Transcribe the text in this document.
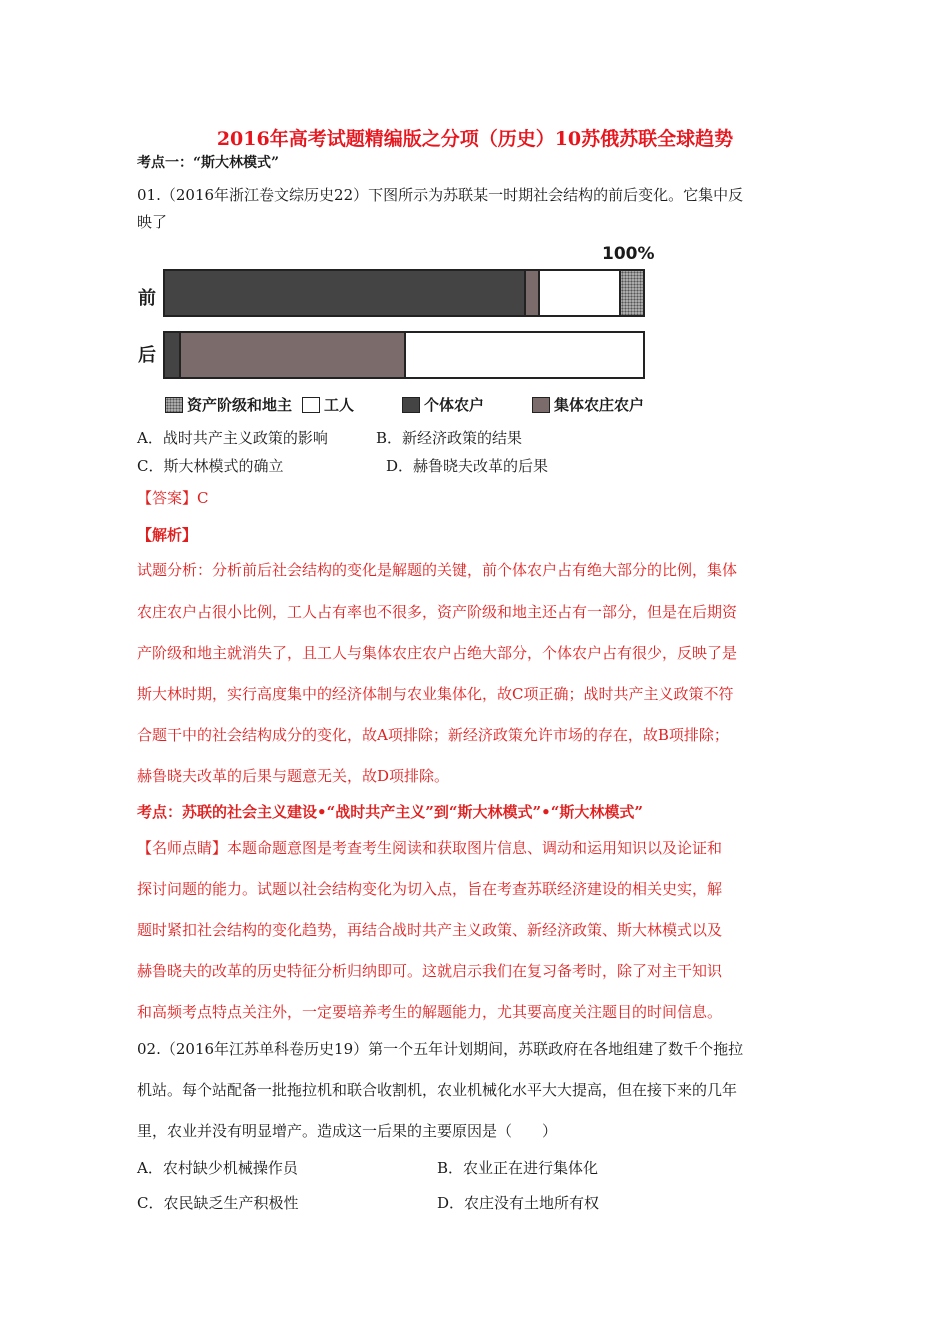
2016年高考试题精编版之分项（历史）10苏俄苏联全球趋势
考点一：“斯大林模式”
01.（2016年浙江卷文综历史22）下图所示为苏联某一时期社会结构的前后变化。它集中反
映了
100%
前
后
资产阶级和地主 工人	个体农户	集体农庄农户
A．战时共产主义政策的影响	B．新经济政策的结果
C．斯大林模式的确立	D．赫鲁晓夫改革的后果
【答案】C
【解析】
试题分析：分析前后社会结构的变化是解题的关键，前个体农户占有绝大部分的比例，集体
农庄农户占很小比例，工人占有率也不很多，资产阶级和地主还占有一部分，但是在后期资
产阶级和地主就消失了，且工人与集体农庄农户占绝大部分，个体农户占有很少，反映了是
斯大林时期，实行高度集中的经济体制与农业集体化，故C项正确；战时共产主义政策不符
合题干中的社会结构成分的变化，故A项排除；新经济政策允许市场的存在，故B项排除；
赫鲁晓夫改革的后果与题意无关，故D项排除。
考点：苏联的社会主义建设•“战时共产主义”到“斯大林模式”•“斯大林模式”
【名师点睛】本题命题意图是考查考生阅读和获取图片信息、调动和运用知识以及论证和
探讨问题的能力。试题以社会结构变化为切入点，旨在考查苏联经济建设的相关史实，解
题时紧扣社会结构的变化趋势，再结合战时共产主义政策、新经济政策、斯大林模式以及
赫鲁晓夫的改革的历史特征分析归纳即可。这就启示我们在复习备考时，除了对主干知识
和高频考点特点关注外，一定要培养考生的解题能力，尤其要高度关注题目的时间信息。
02.（2016年江苏单科卷历史19）第一个五年计划期间，苏联政府在各地组建了数千个拖拉
机站。每个站配备一批拖拉机和联合收割机，农业机械化水平大大提高，但在接下来的几年
里，农业并没有明显增产。造成这一后果的主要原因是（　　）
A．农村缺少机械操作员	B．农业正在进行集体化
C．农民缺乏生产积极性	D．农庄没有土地所有权
